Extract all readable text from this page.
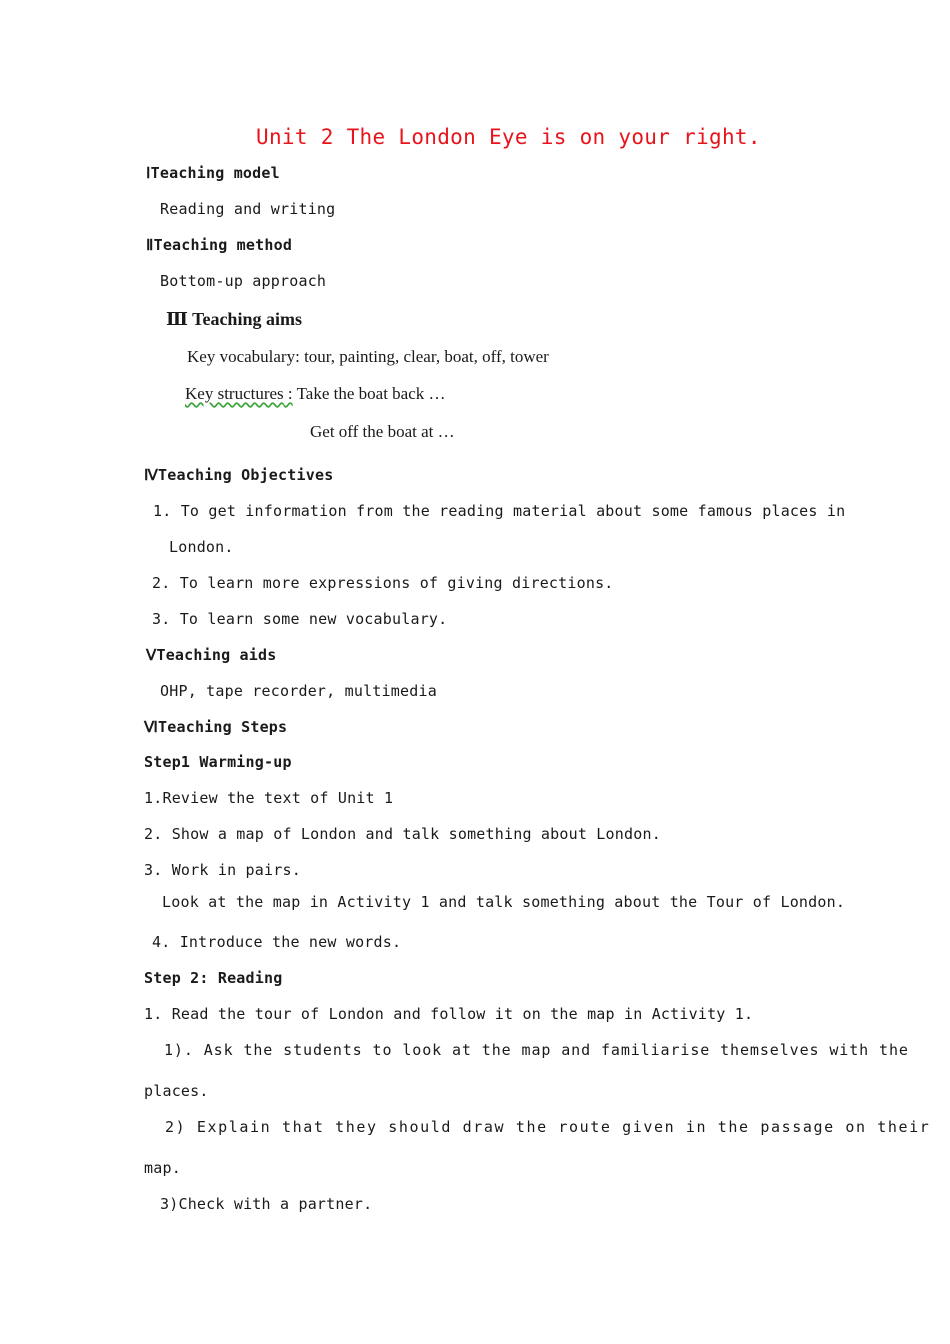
Unit 2 The London Eye is on your right.
ⅠTeaching model
Reading and writing
ⅡTeaching method
Bottom-up approach
Ⅲ Teaching aims
Key vocabulary: tour, painting, clear, boat, off, tower
Key structures : Take the boat back …
Get off the boat at …
ⅣTeaching Objectives
1. To get information from the reading material about some famous places in
London.
2. To learn more expressions of giving directions.
3. To learn some new vocabulary.
ⅤTeaching aids
OHP, tape recorder, multimedia
ⅥTeaching Steps
Step1 Warming-up
1.Review the text of Unit 1
2. Show a map of London and talk something about London.
3. Work in pairs.
Look at the map in Activity 1 and talk something about the Tour of London.
4. Introduce the new words.
Step 2: Reading
1. Read the tour of London and follow it on the map in Activity 1.
1). Ask the students to look at the map and familiarise themselves with the
places.
2) Explain that they should draw the route given in the passage on their
map.
3)Check with a partner.
